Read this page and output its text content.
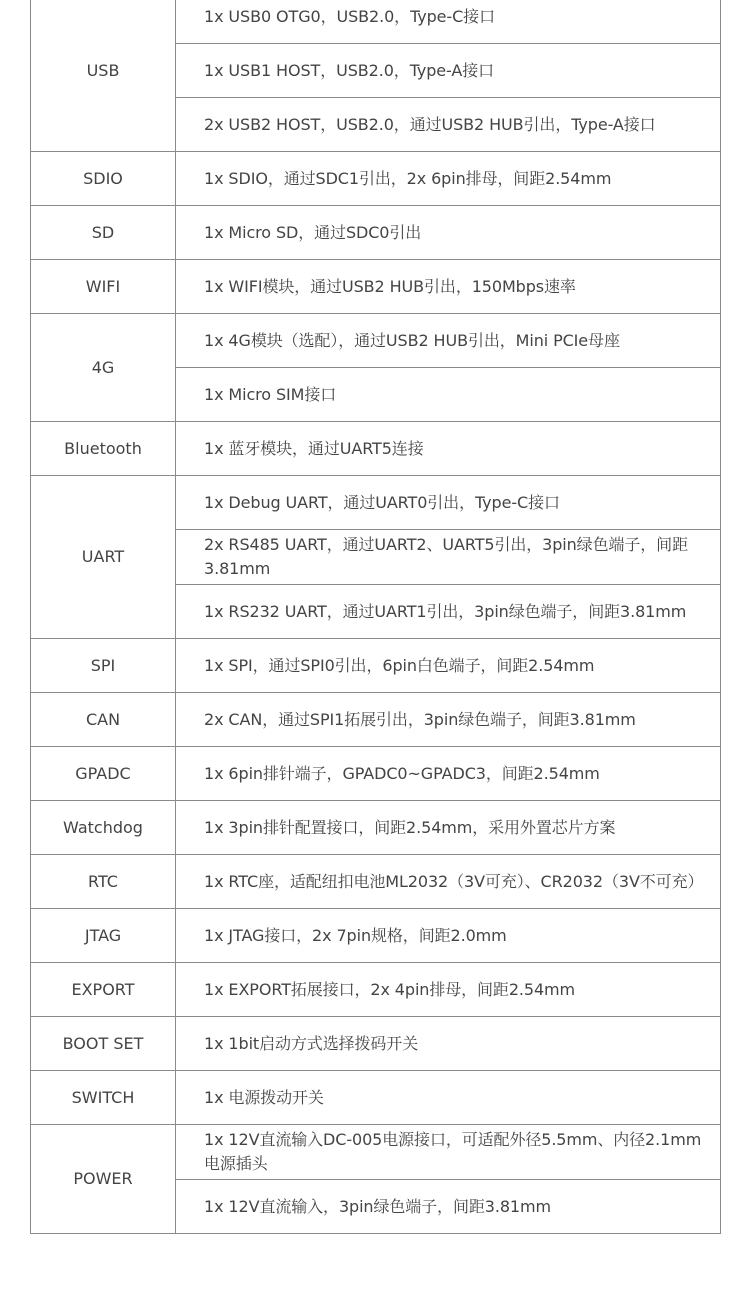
USB	1x USB0 OTG0，USB2.0，Type-C接口
	1x USB1 HOST，USB2.0，Type-A接口
	2x USB2 HOST，USB2.0，通过USB2 HUB引出，Type-A接口
SDIO	1x SDIO，通过SDC1引出，2x 6pin排母，间距2.54mm
SD	1x Micro SD，通过SDC0引出
WIFI	1x WIFI模块，通过USB2 HUB引出，150Mbps速率
4G	1x 4G模块（选配），通过USB2 HUB引出，Mini PCIe母座
	1x Micro SIM接口
Bluetooth	1x 蓝牙模块，通过UART5连接
UART	1x Debug UART，通过UART0引出，Type-C接口
	2x RS485 UART，通过UART2、UART5引出，3pin绿色端子，间距3.81mm
	1x RS232 UART，通过UART1引出，3pin绿色端子，间距3.81mm
SPI	1x SPI，通过SPI0引出，6pin白色端子，间距2.54mm
CAN	2x CAN，通过SPI1拓展引出，3pin绿色端子，间距3.81mm
GPADC	1x 6pin排针端子，GPADC0~GPADC3，间距2.54mm
Watchdog	1x 3pin排针配置接口，间距2.54mm，采用外置芯片方案
RTC	1x RTC座，适配纽扣电池ML2032（3V可充）、CR2032（3V不可充）
JTAG	1x JTAG接口，2x 7pin规格，间距2.0mm
EXPORT	1x EXPORT拓展接口，2x 4pin排母，间距2.54mm
BOOT SET	1x 1bit启动方式选择拨码开关
SWITCH	1x 电源拨动开关
POWER	1x 12V直流输入DC-005电源接口，可适配外径5.5mm、内径2.1mm电源插头
	1x 12V直流输入，3pin绿色端子，间距3.81mm
